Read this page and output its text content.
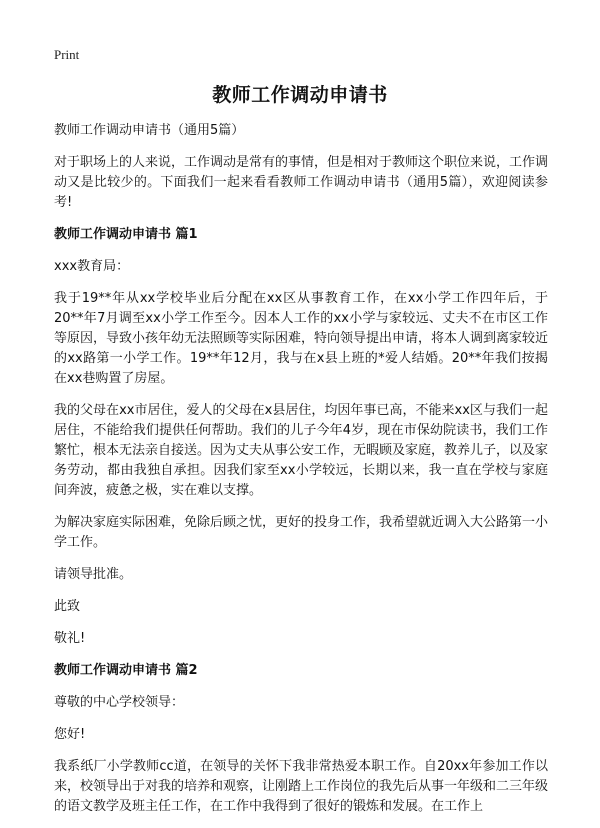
Print
教师工作调动申请书

教师工作调动申请书（通用5篇）

对于职场上的人来说，工作调动是常有的事情，但是相对于教师这个职位来说，工作调动又是比较少的。下面我们一起来看看教师工作调动申请书（通用5篇），欢迎阅读参考!

教师工作调动申请书 篇1

xxx教育局：

我于19**年从xx学校毕业后分配在xx区从事教育工作，在xx小学工作四年后，于20**年7月调至xx小学工作至今。因本人工作的xx小学与家较远、丈夫不在市区工作等原因，导致小孩年幼无法照顾等实际困难，特向领导提出申请，将本人调到离家较近的xx路第一小学工作。19**年12月，我与在x县上班的*爱人结婚。20**年我们按揭在xx巷购置了房屋。

我的父母在xx市居住，爱人的父母在x县居住，均因年事已高，不能来xx区与我们一起居住，不能给我们提供任何帮助。我们的儿子今年4岁，现在市保幼院读书，我们工作繁忙，根本无法亲自接送。因为丈夫从事公安工作，无暇顾及家庭，教养儿子，以及家务劳动，都由我独自承担。因我们家至xx小学较远，长期以来，我一直在学校与家庭间奔波，疲惫之极，实在难以支撑。

为解决家庭实际困难，免除后顾之忧，更好的投身工作，我希望就近调入大公路第一小学工作。

请领导批准。

此致

敬礼!

教师工作调动申请书 篇2

尊敬的中心学校领导：

您好!

我系纸厂小学教师cc道，在领导的关怀下我非常热爱本职工作。自20xx年参加工作以来，校领导出于对我的培养和观察，让刚踏上工作岗位的我先后从事一年级和二三年级的语文教学及班主任工作，在工作中我得到了很好的锻炼和发展。在工作上
